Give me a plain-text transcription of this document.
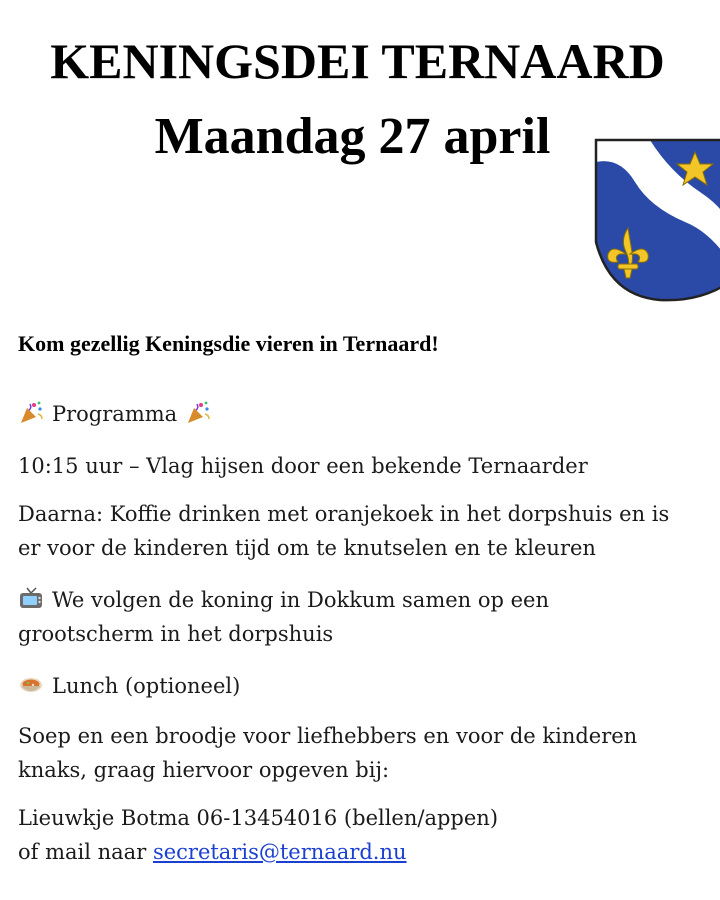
KENINGSDEI TERNAARD
Maandag 27 april

Kom gezellig Keningsdie vieren in Ternaard!

Programma

10:15 uur – Vlag hijsen door een bekende Ternaarder

Daarna: Koffie drinken met oranjekoek in het dorpshuis en is

er voor de kinderen tijd om te knutselen en te kleuren

We volgen de koning in Dokkum samen op een

grootscherm in het dorpshuis

Lunch (optioneel)

Soep en een broodje voor liefhebbers en voor de kinderen

knaks, graag hiervoor opgeven bij:

Lieuwkje Botma 06-13454016 (bellen/appen)

of mail naar secretaris@ternaard.nu
